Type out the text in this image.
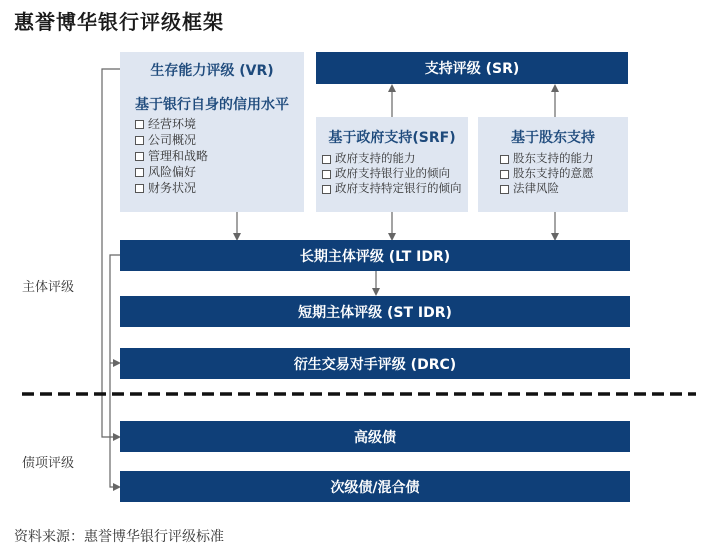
惠誉博华银行评级框架
主体评级
债项评级
生存能力评级 (VR)
基于银行自身的信用水平
经营环境
公司概况
管理和战略
风险偏好
财务状况
支持评级 (SR)
基于政府支持(SRF)
政府支持的能力
政府支持银行业的倾向
政府支持特定银行的倾向
基于股东支持
股东支持的能力
股东支持的意愿
法律风险
长期主体评级 (LT IDR)
短期主体评级 (ST IDR)
衍生交易对手评级 (DRC)
高级债
次级债/混合债
资料来源：惠誉博华银行评级标准
